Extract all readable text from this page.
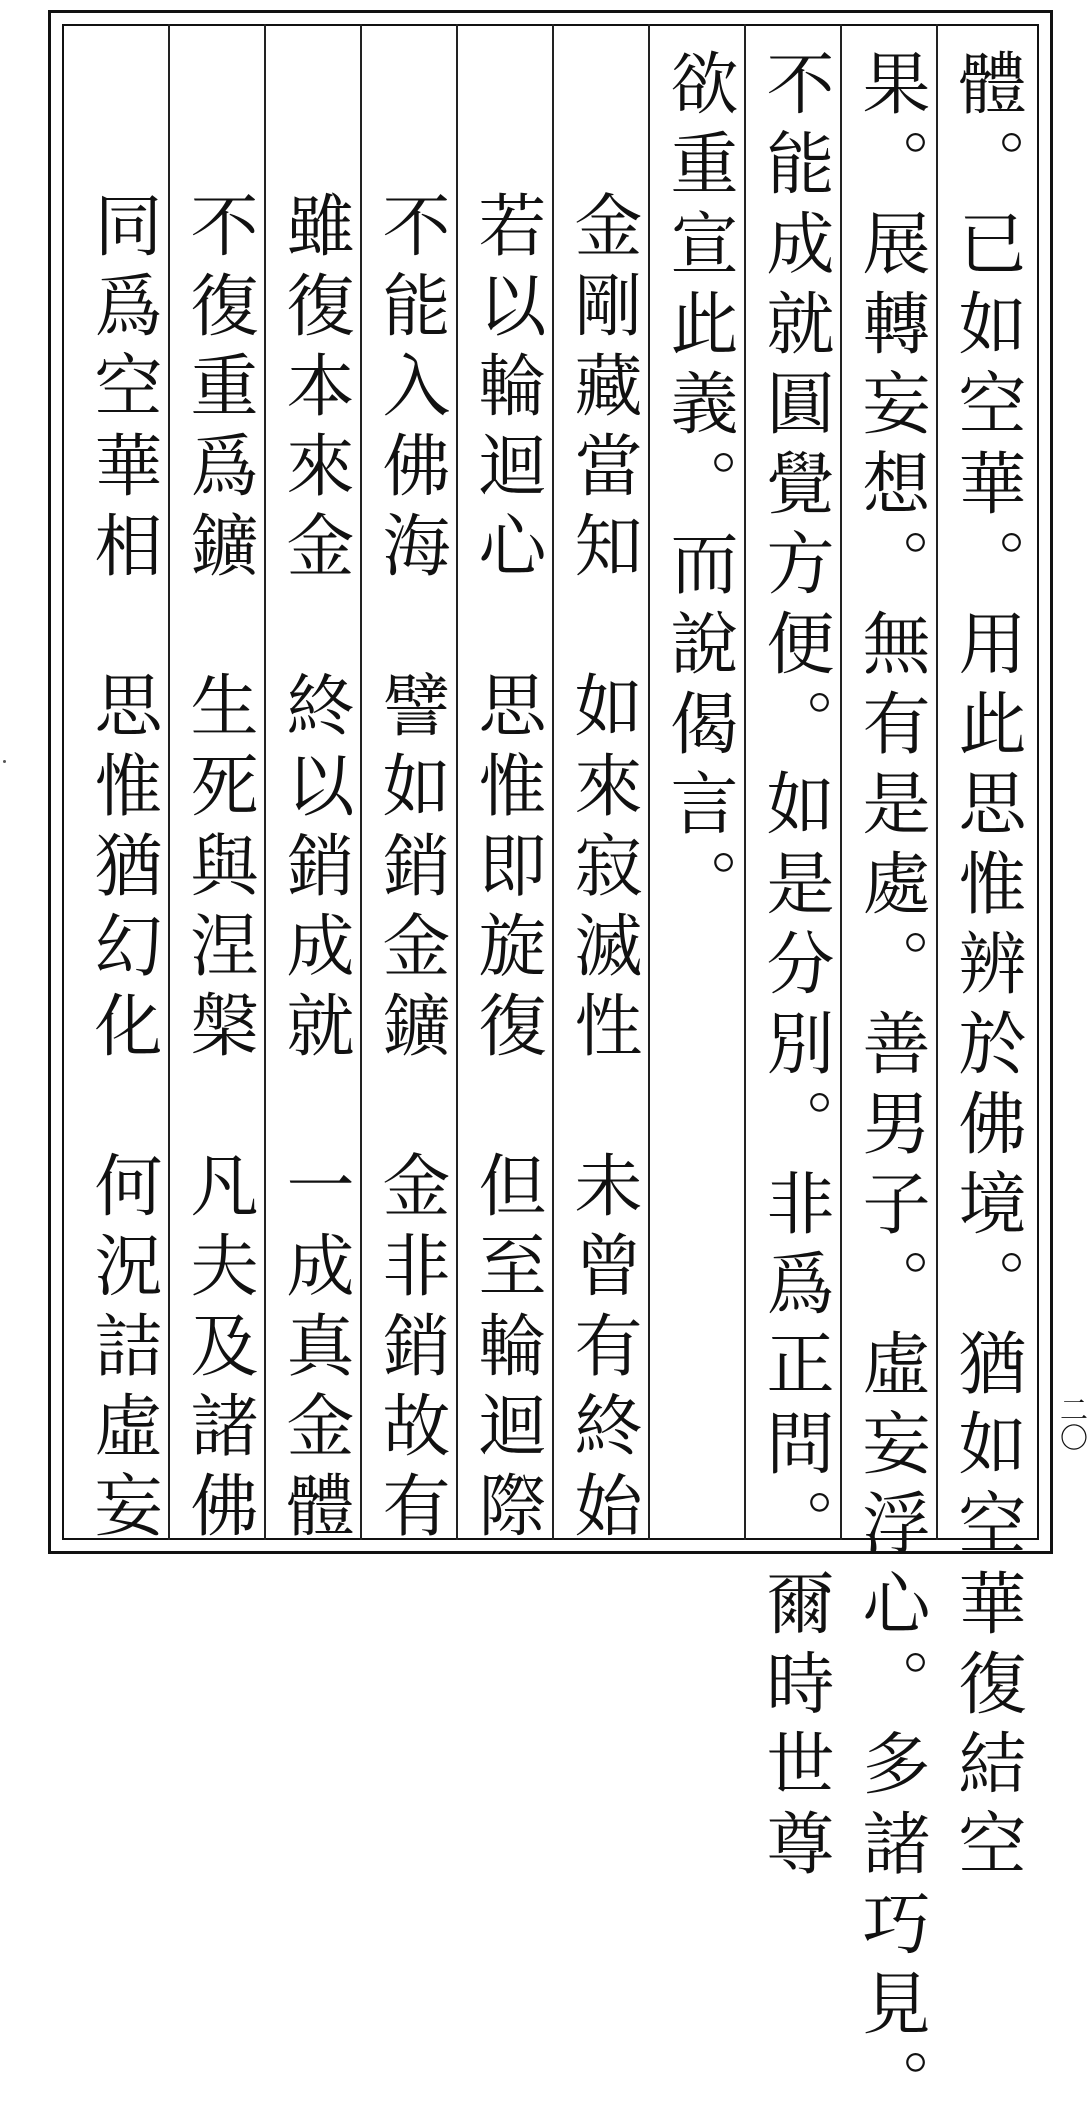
體。已如空華。用此思惟辨於佛境。猶如空華復結空
果。展轉妄想。無有是處。善男子。虛妄浮心。多諸巧見。
不能成就圓覺方便。如是分別。非爲正問。爾時世尊
欲重宣此義。而說偈言。
金剛藏當知　如來寂滅性　未曾有終始
若以輪迴心　思惟即旋復　但至輪迴際
不能入佛海　譬如銷金鑛　金非銷故有
雖復本來金　終以銷成就　一成真金體
不復重爲鑛　生死與涅槃　凡夫及諸佛
同爲空華相　思惟猶幻化　何況詰虛妄	二〇
